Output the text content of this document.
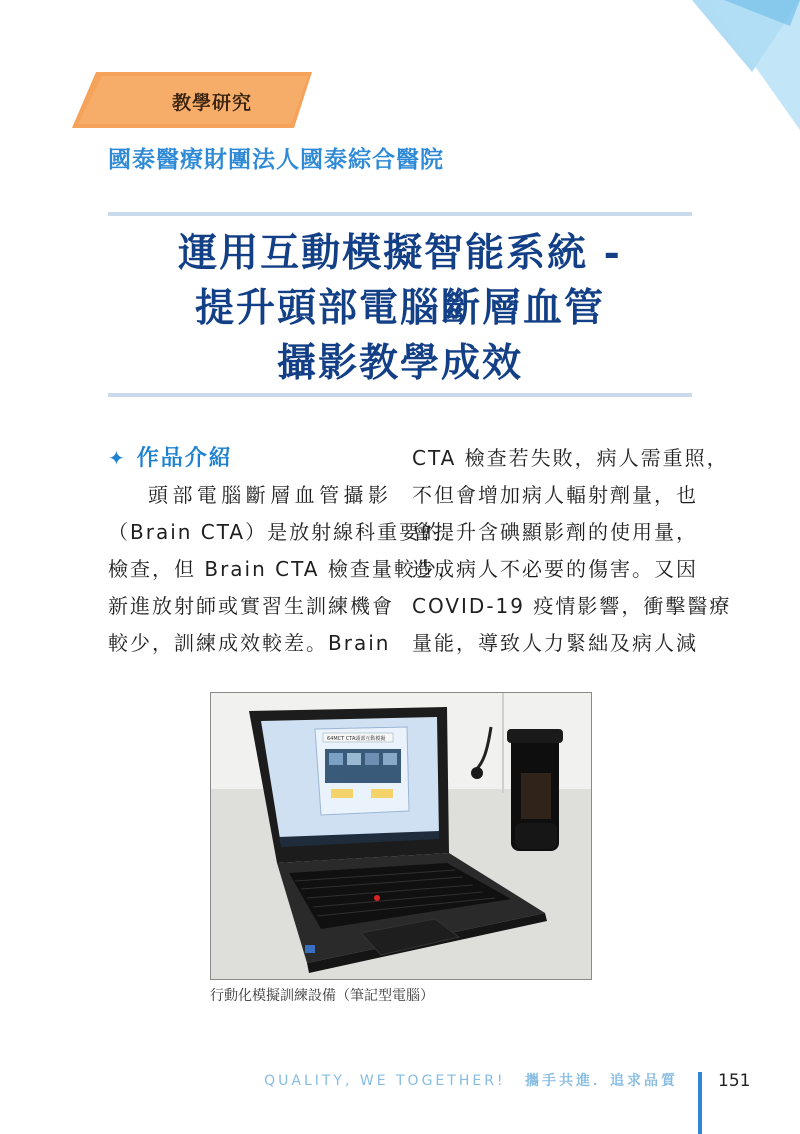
教學研究
國泰醫療財團法人國泰綜合醫院
運用互動模擬智能系統 -
提升頭部電腦斷層血管
攝影教學成效
✦ 作品介紹
頭部電腦斷層血管攝影
（Brain CTA）是放射線科重要的
檢查，但 Brain CTA 檢查量較少，
新進放射師或實習生訓練機會
較少，訓練成效較差。Brain
CTA 檢查若失敗，病人需重照，
不但會增加病人輻射劑量，也
會提升含碘顯影劑的使用量，
造成病人不必要的傷害。又因
COVID-19 疫情影響，衝擊醫療
量能，導致人力緊絀及病人減
64MCT CTA頭部互動模擬
行動化模擬訓練設備（筆記型電腦）
QUALITY, WE TOGETHER! 攜手共進．追求品質 151
